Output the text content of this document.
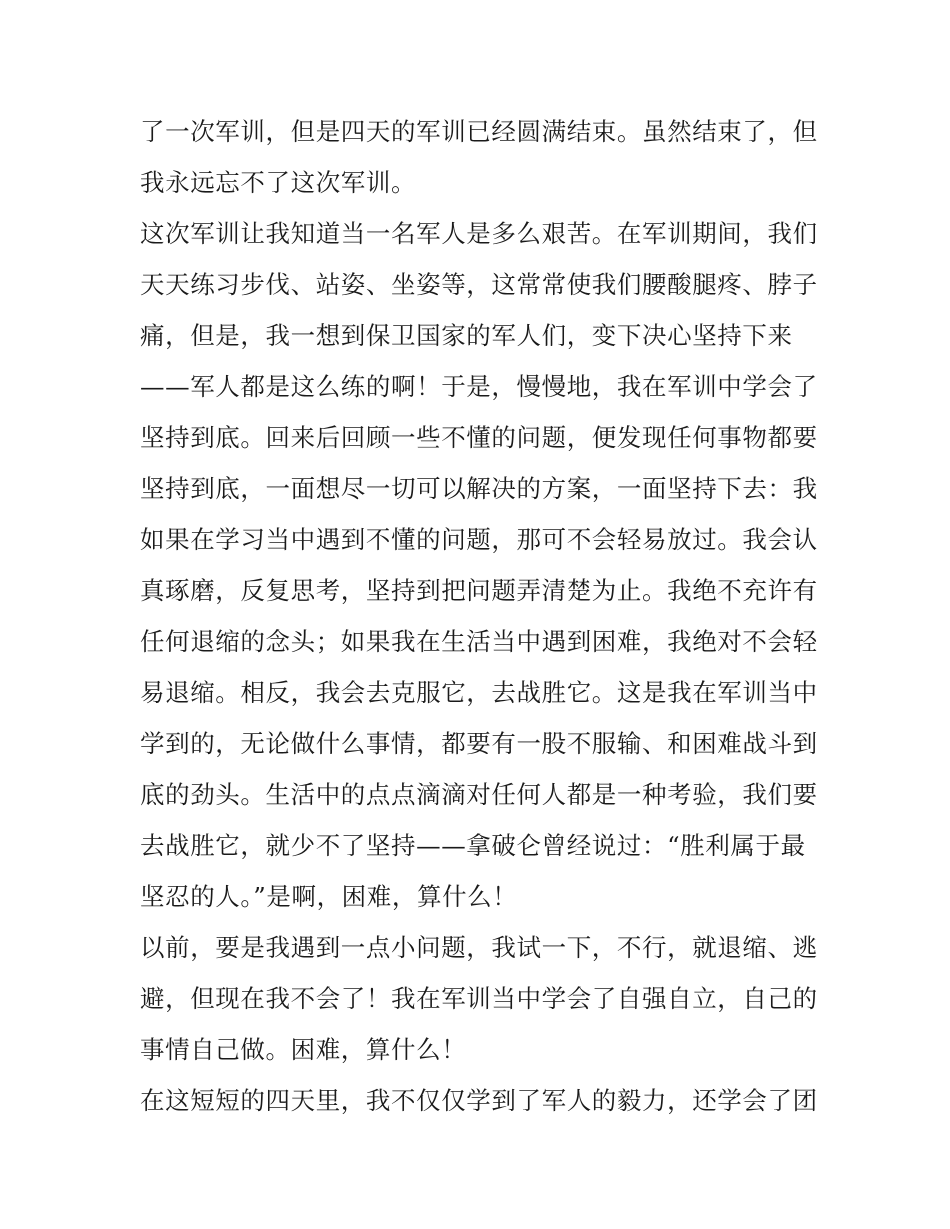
了一次军训，但是四天的军训已经圆满结束。虽然结束了，但
我永远忘不了这次军训。
这次军训让我知道当一名军人是多么艰苦。在军训期间，我们
天天练习步伐、站姿、坐姿等，这常常使我们腰酸腿疼、脖子
痛，但是，我一想到保卫国家的军人们，变下决心坚持下来
——军人都是这么练的啊！于是，慢慢地，我在军训中学会了
坚持到底。回来后回顾一些不懂的问题，便发现任何事物都要
坚持到底，一面想尽一切可以解决的方案，一面坚持下去：我
如果在学习当中遇到不懂的问题，那可不会轻易放过。我会认
真琢磨，反复思考，坚持到把问题弄清楚为止。我绝不充许有
任何退缩的念头；如果我在生活当中遇到困难，我绝对不会轻
易退缩。相反，我会去克服它，去战胜它。这是我在军训当中
学到的，无论做什么事情，都要有一股不服输、和困难战斗到
底的劲头。生活中的点点滴滴对任何人都是一种考验，我们要
去战胜它，就少不了坚持——拿破仑曾经说过：“胜利属于最
坚忍的人。”是啊，困难，算什么！
以前，要是我遇到一点小问题，我试一下，不行，就退缩、逃
避，但现在我不会了！我在军训当中学会了自强自立，自己的
事情自己做。困难，算什么！
在这短短的四天里，我不仅仅学到了军人的毅力，还学会了团
